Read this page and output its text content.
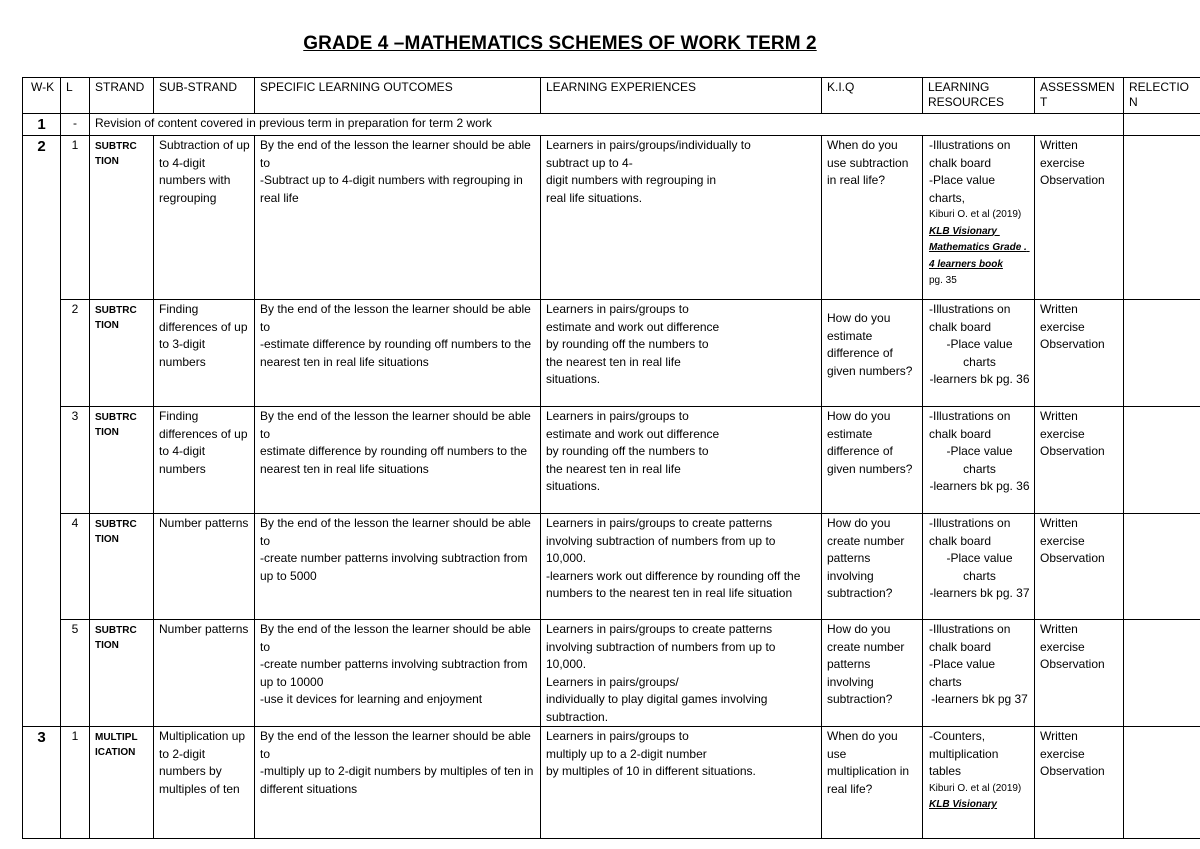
GRADE 4 –MATHEMATICS SCHEMES OF WORK TERM 2
W-K	L	STRAND	SUB-STRAND	SPECIFIC LEARNING OUTCOMES	LEARNING EXPERIENCES	K.I.Q	LEARNING RESOURCES	ASSESSMENT	RELECTION
1	-	Revision of content covered in previous term in preparation for term 2 work							
2	1	SUBTRC TION	Subtraction of up to 4-digit numbers with regrouping	By the end of the lesson the learner should be able to
-Subtract up to 4-digit numbers with regrouping in real life	Learners in pairs/groups/individually to
subtract up to 4-
digit numbers with regrouping in
real life situations.	When do you use subtraction in real life?	-Illustrations on chalk board
-Place value charts,
Kiburi O. et al (2019)
KLB Visionary Mathematics Grade . 4 learners book
pg. 35	Written exercise
Observation	

	2	SUBTRC TION	Finding differences of up to 3-digit numbers	By the end of the lesson the learner should be able to
-estimate difference by rounding off numbers to the nearest ten in real life situations	Learners in pairs/groups to
estimate and work out difference
by rounding off the numbers to
the nearest ten in real life
situations.	How do you estimate difference of given numbers?	-Illustrations on chalk board
-Place value charts
-learners bk pg. 36	Written exercise
Observation	

	3	SUBTRC TION	Finding differences of up to 4-digit numbers	By the end of the lesson the learner should be able to
estimate difference by rounding off numbers to the nearest ten in real life situations	Learners in pairs/groups to
estimate and work out difference
by rounding off the numbers to
the nearest ten in real life
situations.	How do you estimate difference of given numbers?	-Illustrations on chalk board
-Place value charts
-learners bk pg. 36	Written exercise
Observation	

	4	SUBTRC TION	Number patterns	By the end of the lesson the learner should be able to
-create number patterns involving subtraction from up to 5000	Learners in pairs/groups to create patterns involving subtraction of numbers from up to 10,000.
-learners work out difference by rounding off the numbers to the nearest ten in real life situation	How do you create number patterns involving subtraction?	-Illustrations on chalk board
-Place value charts
-learners bk pg. 37	Written exercise
Observation	

	5	SUBTRC TION	Number patterns	By the end of the lesson the learner should be able to
-create number patterns involving subtraction from up to 10000
-use it devices for learning and enjoyment	Learners in pairs/groups to create patterns involving subtraction of numbers from up to 10,000.
Learners in pairs/groups/
individually to play digital games involving subtraction.	How do you create number patterns involving subtraction?	-Illustrations on chalk board
-Place value charts
-learners bk pg 37	Written exercise
Observation	

3	1	MULTIPL ICATION	Multiplication up to 2-digit numbers by multiples of ten	By the end of the lesson the learner should be able to
-multiply up to 2-digit numbers by multiples of ten in different situations	Learners in pairs/groups to
multiply up to a 2-digit number
by multiples of 10 in different situations.	When do you use multiplication in real life?	-Counters, multiplication tables
Kiburi O. et al (2019)
KLB Visionary	Written exercise
Observation	
